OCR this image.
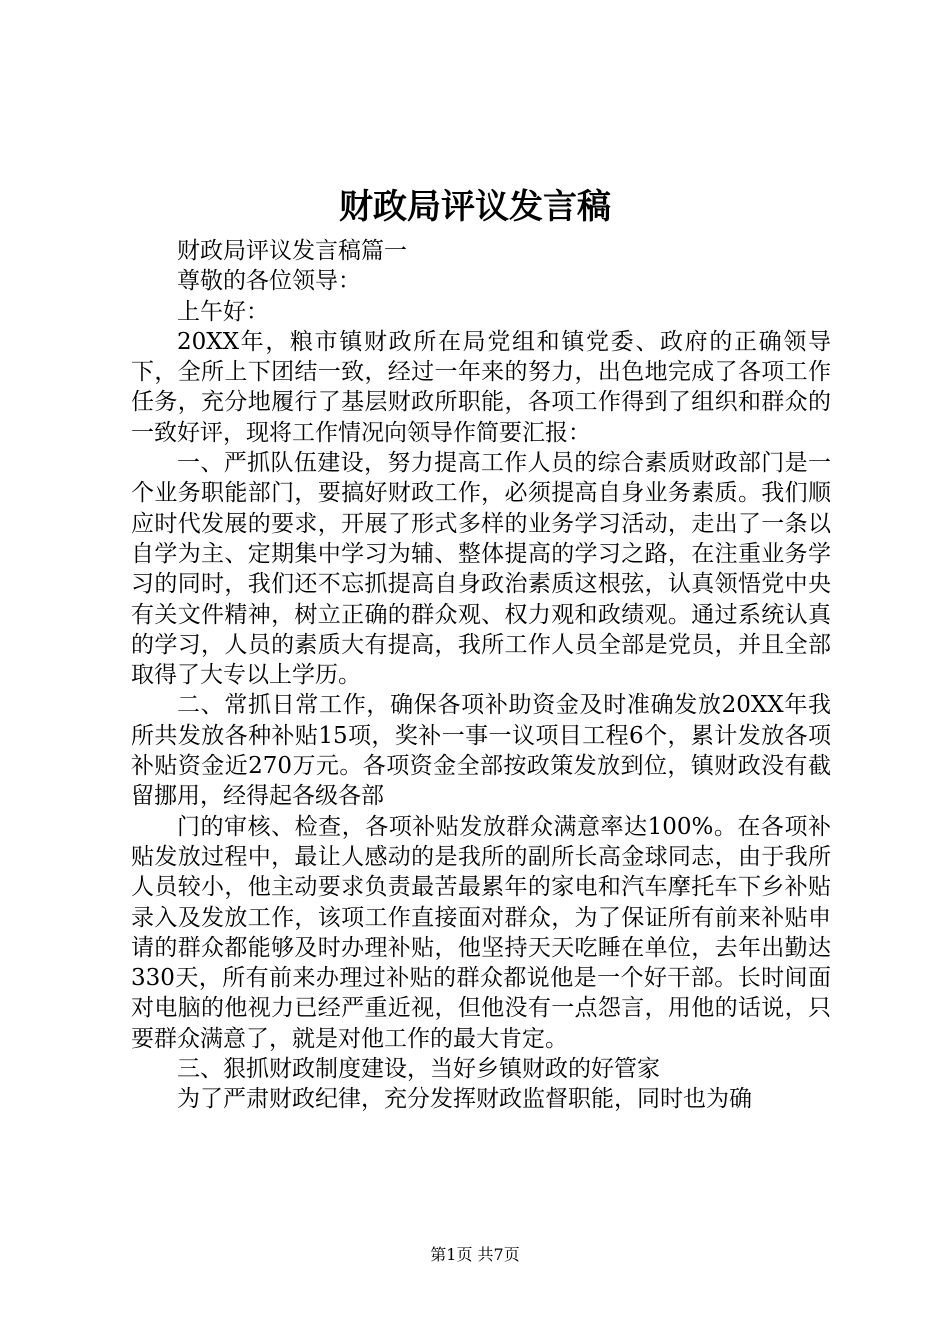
财政局评议发言稿

财政局评议发言稿篇一

尊敬的各位领导：

上午好：

20XX年，粮市镇财政所在局党组和镇党委、政府的正确领导下，全所上下团结一致，经过一年来的努力，出色地完成了各项工作任务，充分地履行了基层财政所职能，各项工作得到了组织和群众的一致好评，现将工作情况向领导作简要汇报：

一、严抓队伍建设，努力提高工作人员的综合素质财政部门是一个业务职能部门，要搞好财政工作，必须提高自身业务素质。我们顺应时代发展的要求，开展了形式多样的业务学习活动，走出了一条以自学为主、定期集中学习为辅、整体提高的学习之路，在注重业务学习的同时，我们还不忘抓提高自身政治素质这根弦，认真领悟党中央有关文件精神，树立正确的群众观、权力观和政绩观。通过系统认真的学习，人员的素质大有提高，我所工作人员全部是党员，并且全部取得了大专以上学历。

二、常抓日常工作，确保各项补助资金及时准确发放20XX年我所共发放各种补贴15项，奖补一事一议项目工程6个，累计发放各项补贴资金近270万元。各项资金全部按政策发放到位，镇财政没有截留挪用，经得起各级各部

门的审核、检查，各项补贴发放群众满意率达100%。在各项补贴发放过程中，最让人感动的是我所的副所长高金球同志，由于我所人员较小，他主动要求负责最苦最累年的家电和汽车摩托车下乡补贴录入及发放工作，该项工作直接面对群众，为了保证所有前来补贴申请的群众都能够及时办理补贴，他坚持天天吃睡在单位，去年出勤达330天，所有前来办理过补贴的群众都说他是一个好干部。长时间面对电脑的他视力已经严重近视，但他没有一点怨言，用他的话说，只要群众满意了，就是对他工作的最大肯定。

三、狠抓财政制度建设，当好乡镇财政的好管家

为了严肃财政纪律，充分发挥财政监督职能，同时也为确

第1页 共7页
